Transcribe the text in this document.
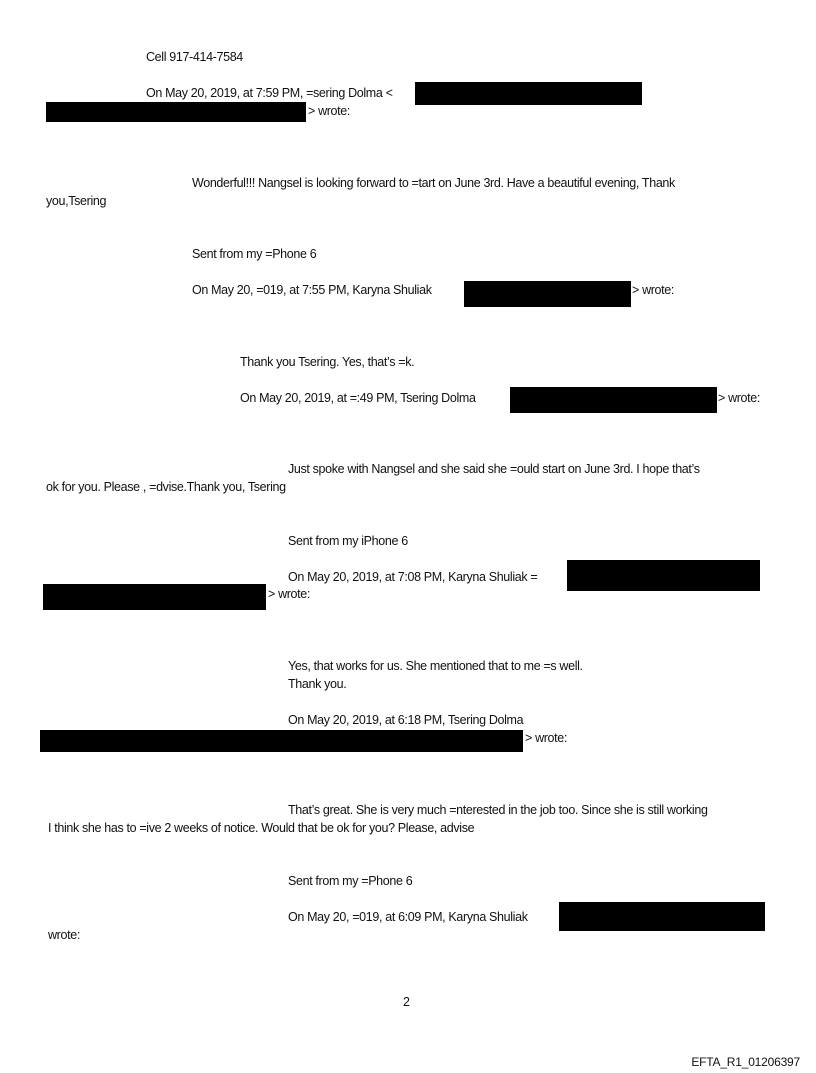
Cell 917-414-7584
On May 20, 2019, at 7:59 PM, =sering Dolma <
> wrote:
Wonderful!!! Nangsel is looking forward to =tart on June 3rd. Have a beautiful evening, Thank
you,Tsering
Sent from my =Phone 6
On May 20, =019, at 7:55 PM, Karyna Shuliak	> wrote:
Thank you Tsering. Yes, that’s =k.
On May 20, 2019, at =:49 PM, Tsering Dolma	> wrote:
Just spoke with Nangsel and she said she =ould start on June 3rd. I hope that’s
ok for you. Please , =dvise.Thank you, Tsering
Sent from my iPhone 6
On May 20, 2019, at 7:08 PM, Karyna Shuliak =
> wrote:
Yes, that works for us. She mentioned that to me =s well.
Thank you.
On May 20, 2019, at 6:18 PM, Tsering Dolma
> wrote:
That’s great. She is very much =nterested in the job too. Since she is still working
I think she has to =ive 2 weeks of notice. Would that be ok for you? Please, advise
Sent from my =Phone 6
On May 20, =019, at 6:09 PM, Karyna Shuliak
wrote:
2
EFTA_R1_01206397
